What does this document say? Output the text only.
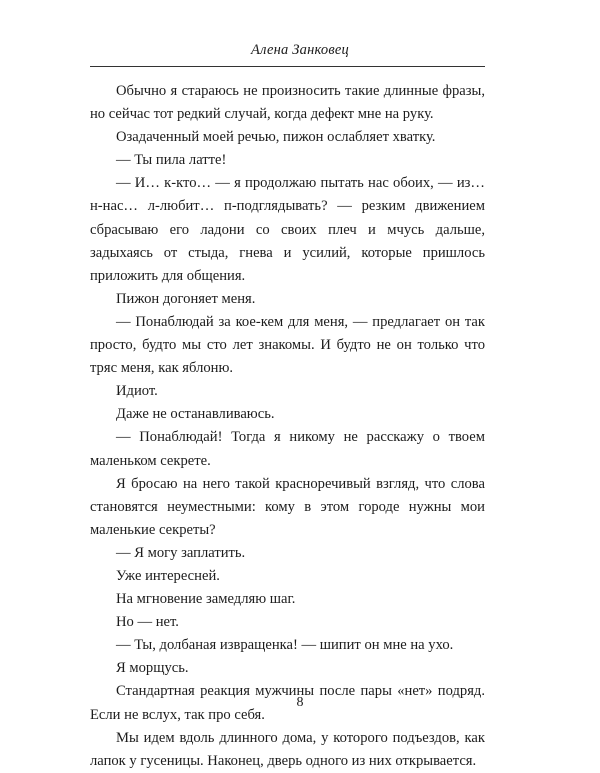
Алена Занковец

Обычно я стараюсь не произносить такие длинные фразы, но сейчас тот редкий случай, когда дефект мне на руку.

Озадаченный моей речью, пижон ослабляет хватку.

— Ты пила латте!

— И… к-кто… — я продолжаю пытать нас обоих, — из… н-нас… л-любит… п-подглядывать? — резким движением сбрасываю его ладони со своих плеч и мчусь дальше, задыхаясь от стыда, гнева и усилий, которые пришлось приложить для общения.

Пижон догоняет меня.

— Понаблюдай за кое-кем для меня, — предлагает он так просто, будто мы сто лет знакомы. И будто не он только что тряс меня, как яблоню.

Идиот.

Даже не останавливаюсь.

— Понаблюдай! Тогда я никому не расскажу о твоем маленьком секрете.

Я бросаю на него такой красноречивый взгляд, что слова становятся неуместными: кому в этом городе нужны мои маленькие секреты?

— Я могу заплатить.

Уже интересней.

На мгновение замедляю шаг.

Но — нет.

— Ты, долбаная извращенка! — шипит он мне на ухо.

Я морщусь.

Стандартная реакция мужчины после пары «нет» подряд. Если не вслух, так про себя.

Мы идем вдоль длинного дома, у которого подъездов, как лапок у гусеницы. Наконец, дверь одного из них открывается.

8
